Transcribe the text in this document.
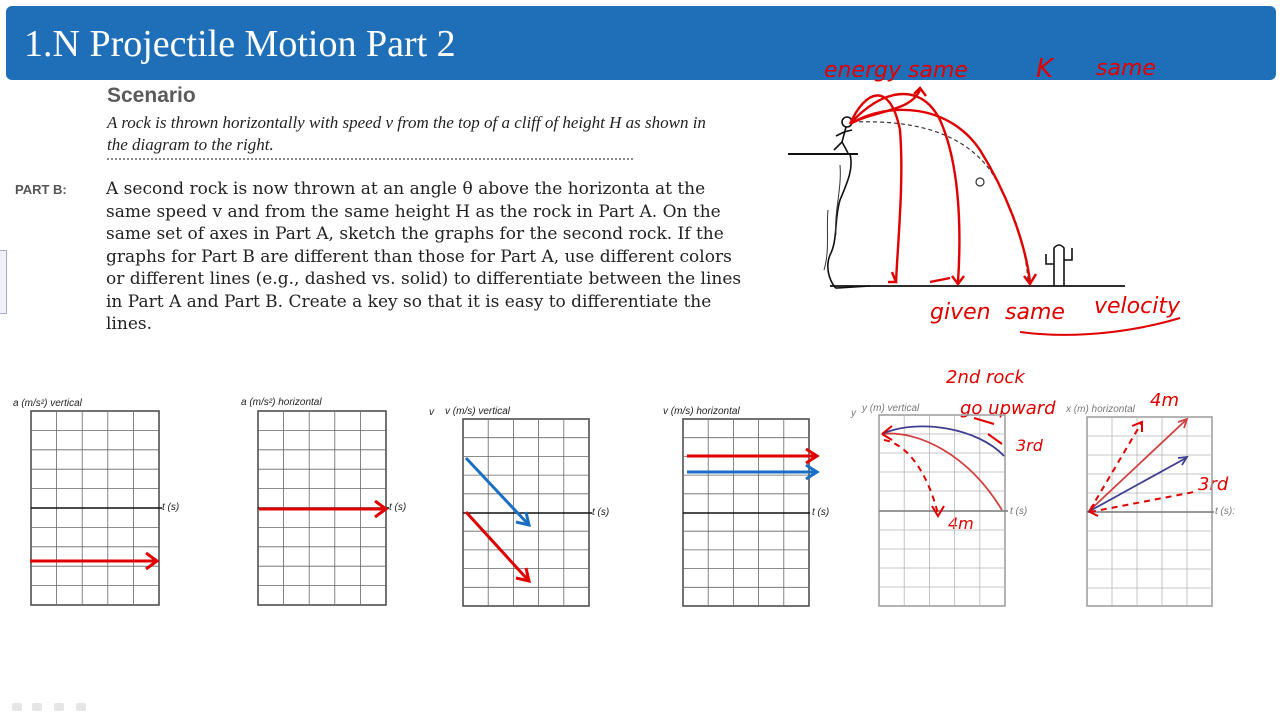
1.N Projectile Motion Part 2
Scenario
A rock is thrown horizontally with speed v from the top of a cliff of height H as shown in the diagram to the right.
PART B: A second rock is now thrown at an angle θ above the horizonta at the same speed v and from the same height H as the rock in Part A. On the same set of axes in Part A, sketch the graphs for the second rock. If the graphs for Part B are different than those for Part A, use different colors or different lines (e.g., dashed vs. solid) to differentiate between the lines in Part A and Part B. Create a key so that it is easy to differentiate the lines.
energy same	K same
given same velocity
2nd rock
go upward
3rd
4m
4m
3rd
a (m/s²) vertical
t (s)
a (m/s²) horizontal
t (s)
v v (m/s) vertical
t (s)
v (m/s) horizontal
t (s)
y y (m) vertical
t (s)
x (m) horizontal
t (s):
